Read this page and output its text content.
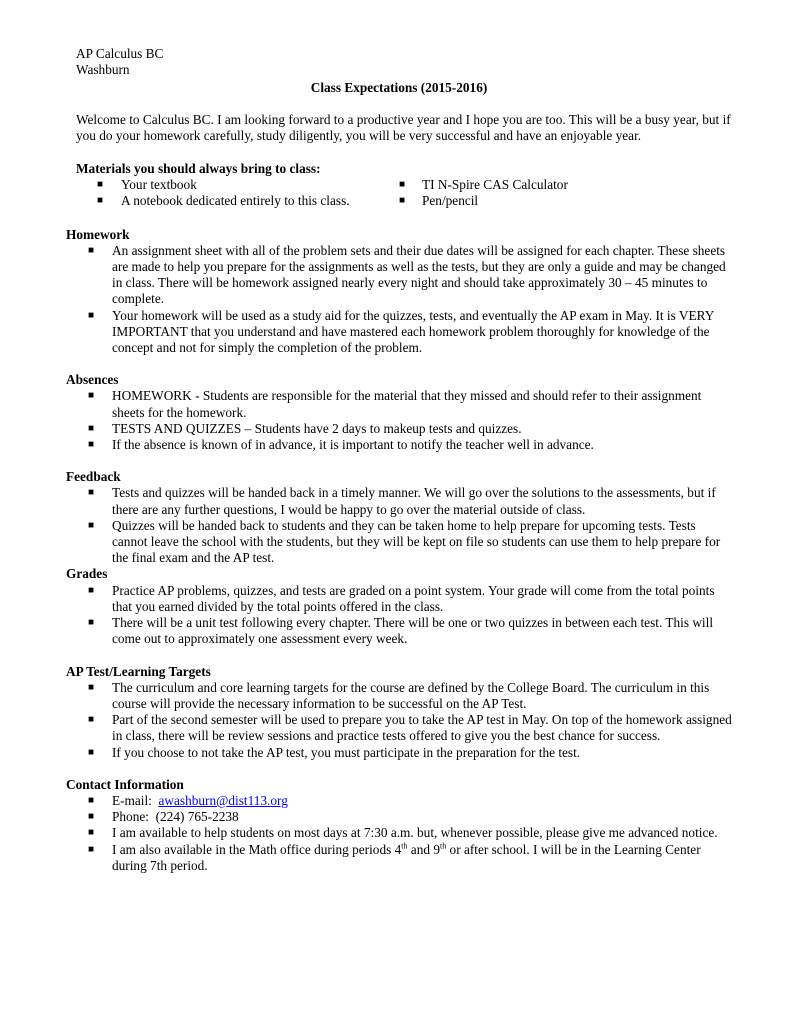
AP Calculus BC
Washburn
Class Expectations (2015-2016)
Welcome to Calculus BC. I am looking forward to a productive year and I hope you are too. This will be a busy year, but if you do your homework carefully, study diligently, you will be very successful and have an enjoyable year.
Materials you should always bring to class:
■ Your textbook
■ A notebook dedicated entirely to this class.
■ TI N-Spire CAS Calculator
■ Pen/pencil
Homework
■ An assignment sheet with all of the problem sets and their due dates will be assigned for each chapter. These sheets are made to help you prepare for the assignments as well as the tests, but they are only a guide and may be changed in class. There will be homework assigned nearly every night and should take approximately 30 – 45 minutes to complete.
■ Your homework will be used as a study aid for the quizzes, tests, and eventually the AP exam in May. It is VERY IMPORTANT that you understand and have mastered each homework problem thoroughly for knowledge of the concept and not for simply the completion of the problem.
Absences
■ HOMEWORK - Students are responsible for the material that they missed and should refer to their assignment sheets for the homework.
■ TESTS AND QUIZZES – Students have 2 days to makeup tests and quizzes.
■ If the absence is known of in advance, it is important to notify the teacher well in advance.
Feedback
■ Tests and quizzes will be handed back in a timely manner. We will go over the solutions to the assessments, but if there are any further questions, I would be happy to go over the material outside of class.
■ Quizzes will be handed back to students and they can be taken home to help prepare for upcoming tests. Tests cannot leave the school with the students, but they will be kept on file so students can use them to help prepare for the final exam and the AP test.
Grades
■ Practice AP problems, quizzes, and tests are graded on a point system. Your grade will come from the total points that you earned divided by the total points offered in the class.
■ There will be a unit test following every chapter. There will be one or two quizzes in between each test. This will come out to approximately one assessment every week.
AP Test/Learning Targets
■ The curriculum and core learning targets for the course are defined by the College Board. The curriculum in this course will provide the necessary information to be successful on the AP Test.
■ Part of the second semester will be used to prepare you to take the AP test in May. On top of the homework assigned in class, there will be review sessions and practice tests offered to give you the best chance for success.
■ If you choose to not take the AP test, you must participate in the preparation for the test.
Contact Information
■ E-mail:  awashburn@dist113.org
■ Phone:  (224) 765-2238
■ I am available to help students on most days at 7:30 a.m. but, whenever possible, please give me advanced notice.
■ I am also available in the Math office during periods 4th and 9th or after school. I will be in the Learning Center during 7th period.
